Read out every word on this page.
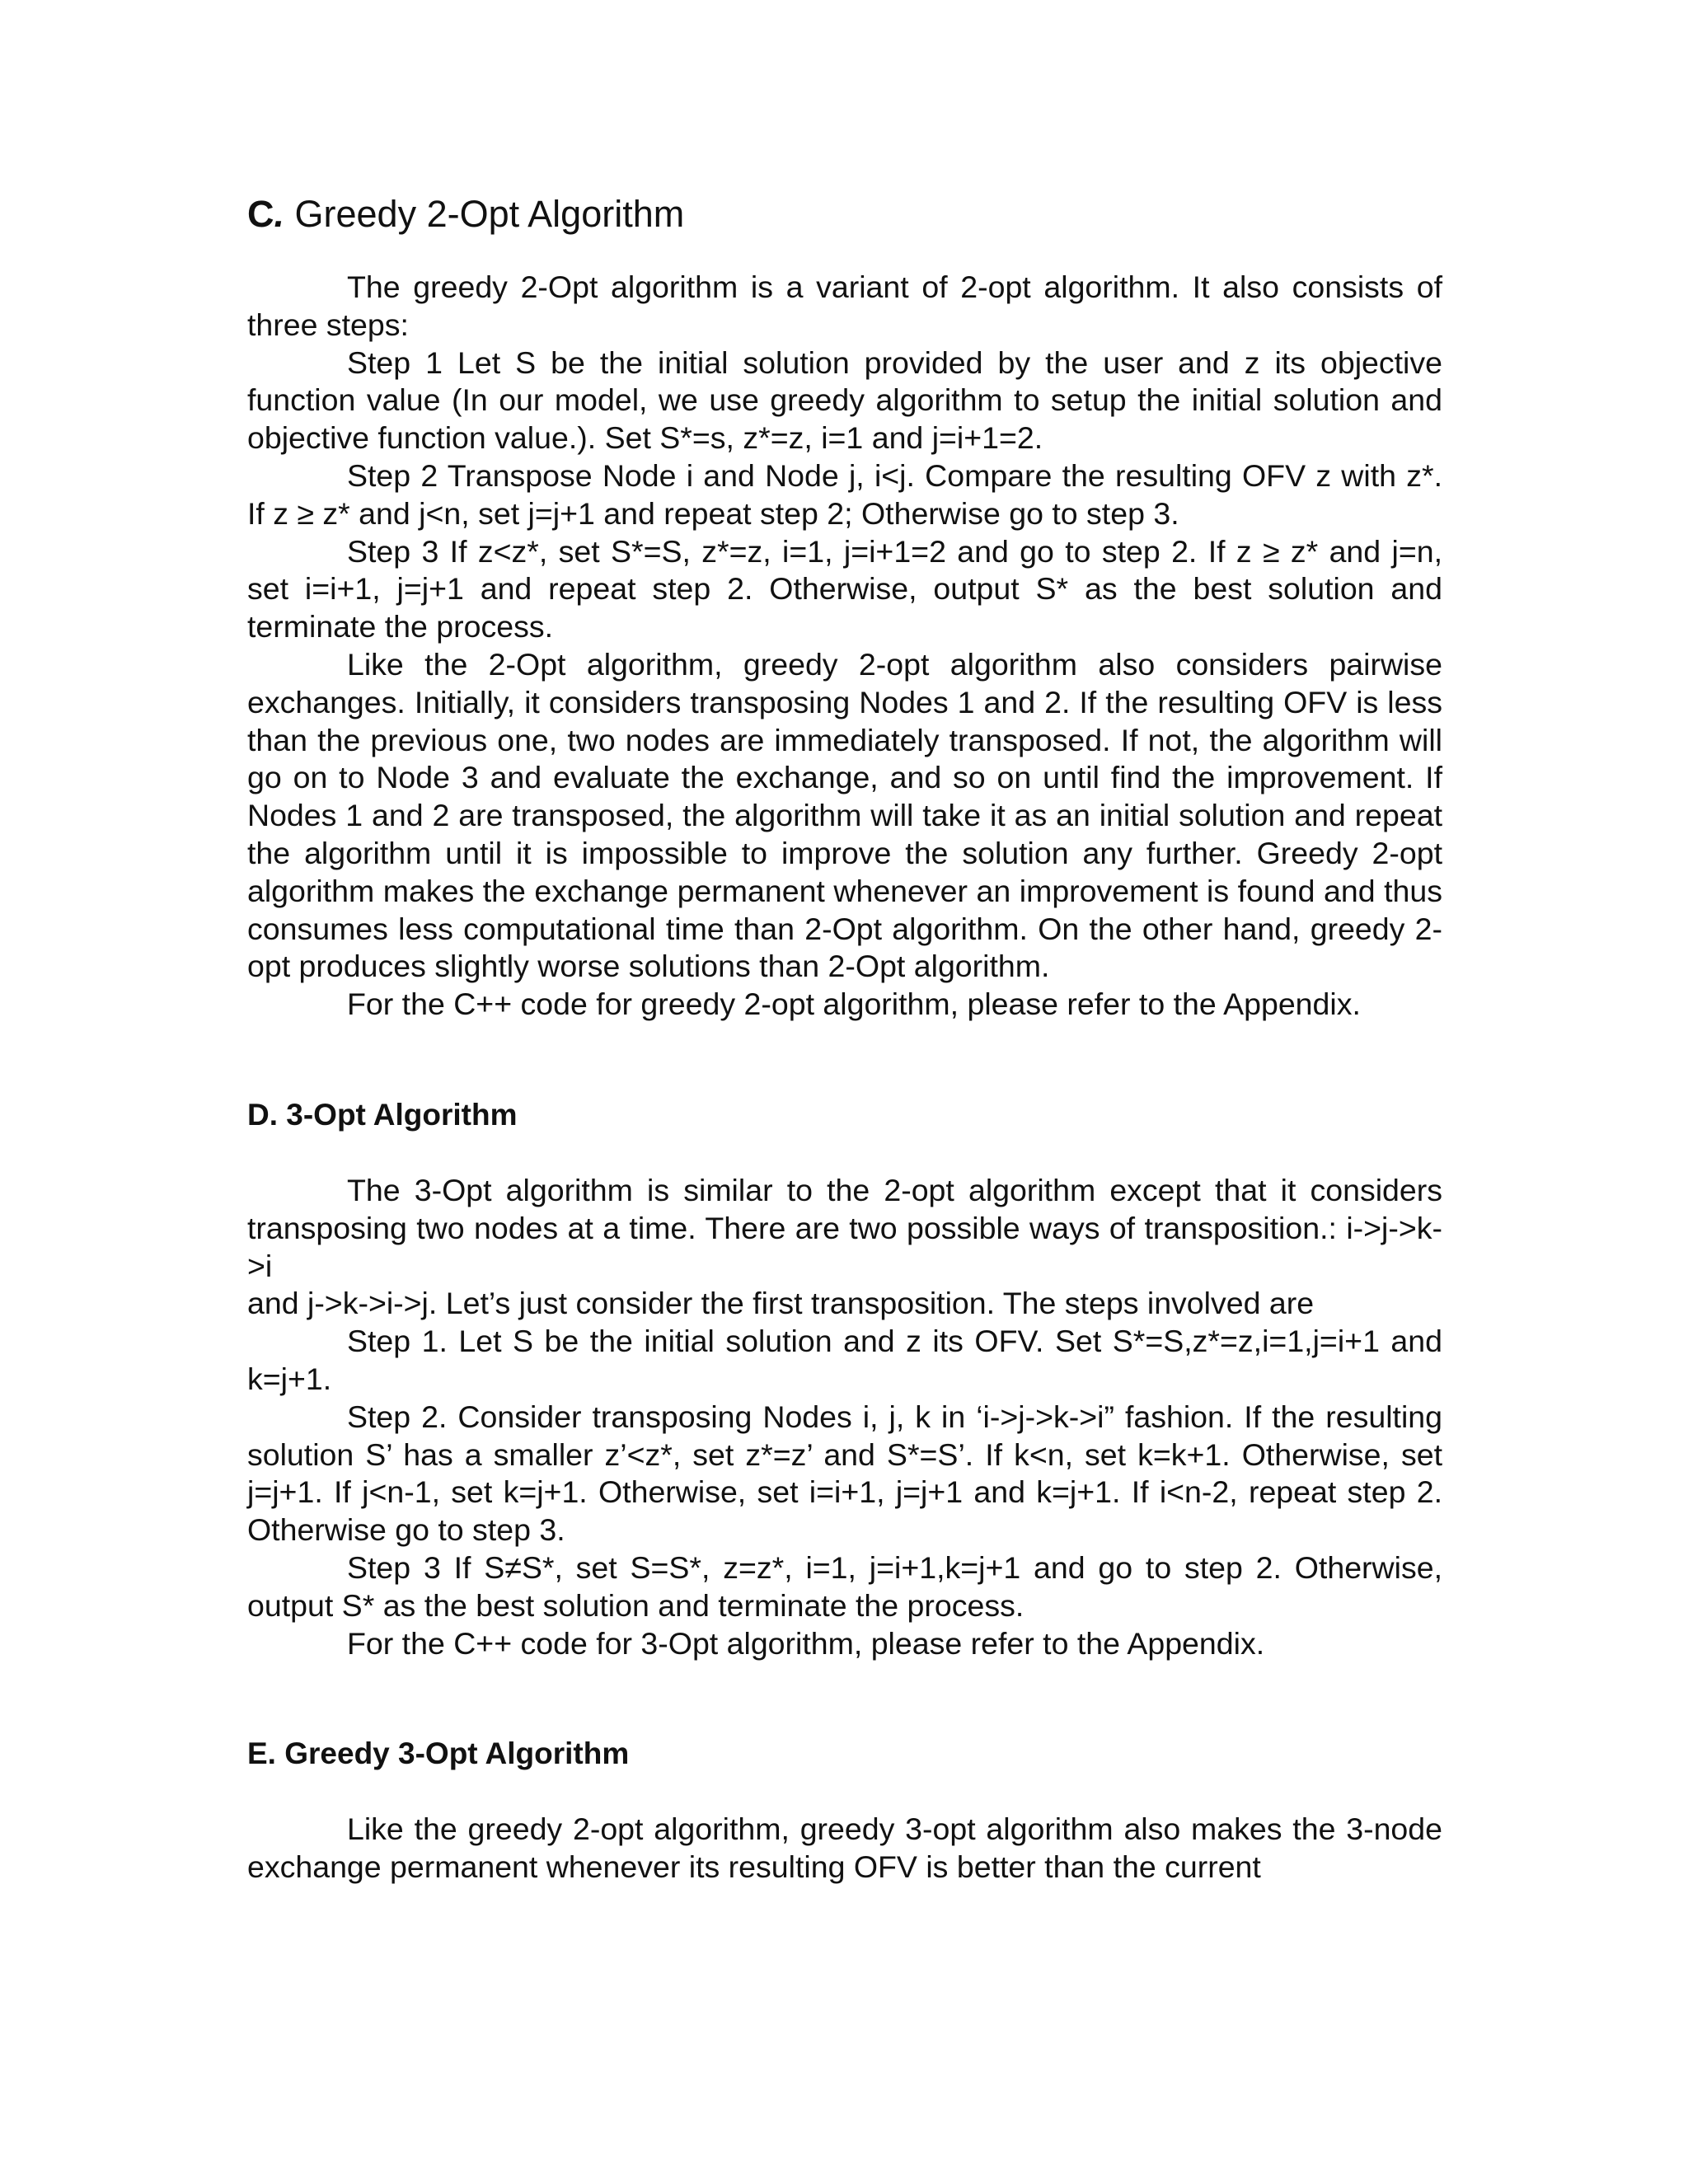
C. Greedy 2-Opt Algorithm

The greedy 2-Opt algorithm is a variant of 2-opt algorithm. It also consists of three steps:

Step 1 Let S be the initial solution provided by the user and z its objective function value (In our model, we use greedy algorithm to setup the initial solution and objective function value.). Set S*=s, z*=z, i=1 and j=i+1=2.

Step 2 Transpose Node i and Node j, i<j. Compare the resulting OFV z with z*. If z ≥ z* and j<n, set j=j+1 and repeat step 2; Otherwise go to step 3.

Step 3 If z<z*, set S*=S, z*=z, i=1, j=i+1=2 and go to step 2. If z ≥ z* and j=n, set i=i+1, j=j+1 and repeat step 2. Otherwise, output S* as the best solution and terminate the process.

Like the 2-Opt algorithm, greedy 2-opt algorithm also considers pairwise exchanges. Initially, it considers transposing Nodes 1 and 2. If the resulting OFV is less than the previous one, two nodes are immediately transposed. If not, the algorithm will go on to Node 3 and evaluate the exchange, and so on until find the improvement. If Nodes 1 and 2 are transposed, the algorithm will take it as an initial solution and repeat the algorithm until it is impossible to improve the solution any further. Greedy 2-opt algorithm makes the exchange permanent whenever an improvement is found and thus consumes less computational time than 2-Opt algorithm. On the other hand, greedy 2-opt produces slightly worse solutions than 2-Opt algorithm.

For the C++ code for greedy 2-opt algorithm, please refer to the Appendix.

D. 3-Opt Algorithm

The 3-Opt algorithm is similar to the 2-opt algorithm except that it considers transposing two nodes at a time. There are two possible ways of transposition.: i->j->k->i

and j->k->i->j. Let’s just consider the first transposition. The steps involved are

Step 1. Let S be the initial solution and z its OFV. Set S*=S,z*=z,i=1,j=i+1 and k=j+1.

Step 2. Consider transposing Nodes i, j, k in ‘i->j->k->i” fashion. If the resulting solution S’ has a smaller z’<z*, set z*=z’ and S*=S’. If k<n, set k=k+1. Otherwise, set j=j+1. If j<n-1, set k=j+1. Otherwise, set i=i+1, j=j+1 and k=j+1. If i<n-2, repeat step 2. Otherwise go to step 3.

Step 3 If S≠S*, set S=S*, z=z*, i=1, j=i+1,k=j+1 and go to step 2. Otherwise, output S* as the best solution and terminate the process.

For the C++ code for 3-Opt algorithm, please refer to the Appendix.

E. Greedy 3-Opt Algorithm

Like the greedy 2-opt algorithm, greedy 3-opt algorithm also makes the 3-node exchange permanent whenever its resulting OFV is better than the current
